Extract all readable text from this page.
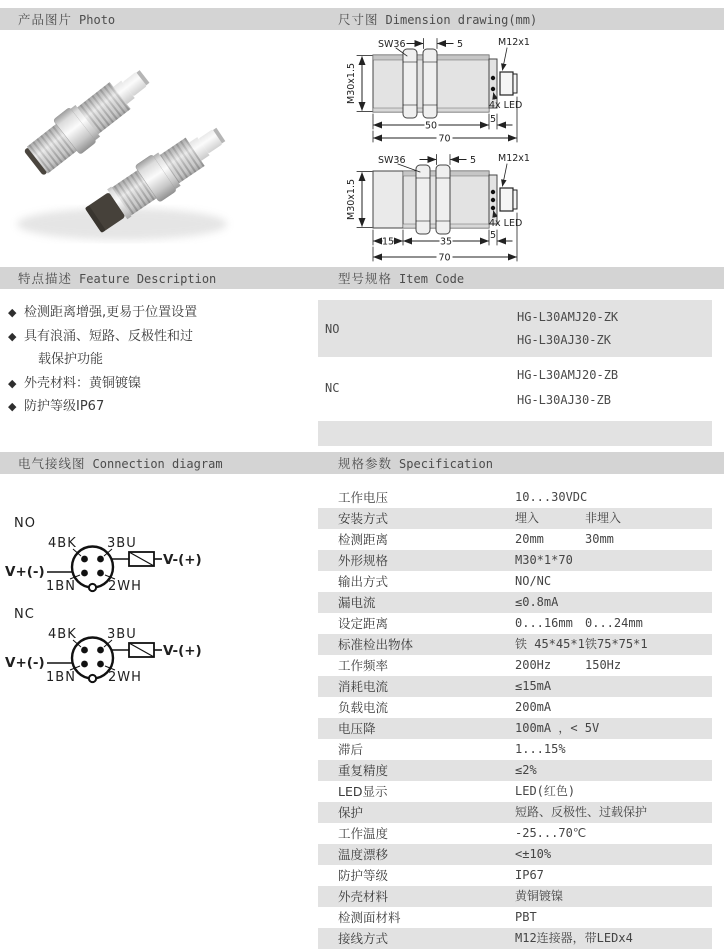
产品图片 Photo	尺寸图 Dimension drawing(mm)
SW36	5
M30x1.5
M12x1
4x LED
50
5
70
SW36	5
M30x1.5
M12x1
4x LED
15	35
5
70
特点描述 Feature Description	型号规格 Item Code
◆ 检测距离增强,更易于位置设置
◆ 具有浪涌、短路、反极性和过
载保护功能
◆ 外壳材料：黄铜镀镍
◆ 防护等级IP67
NO
HG-L30AMJ20-ZK
HG-L30AJ30-ZK
NC
HG-L30AMJ20-ZB
HG-L30AJ30-ZB
电气接线图 Connection diagram	规格参数 Specification
NO
4BK 3BU
1BN 2WH
V+(-)
V-(+)
NC
4BK 3BU
1BN 2WH
V+(-)
V-(+)
工作电压	10...30VDC
安装方式	埋入	非埋入
检测距离	20mm	30mm
外形规格	M30*1*70
输出方式	NO/NC
漏电流	≤0.8mA
设定距离	0...16mm 0...24mm
标准检出物体	铁 45*45*1 铁75*75*1
工作频率	200Hz	150Hz
消耗电流	≤15mA
负载电流	200mA
电压降	100mA ，< 5V
滞后	1...15%
重复精度	≤2%
LED显示	LED(红色)
保护	短路、反极性、过载保护
工作温度	-25...70℃
温度漂移	<±10%
防护等级	IP67
外壳材料	黄铜镀镍
检测面材料	PBT
接线方式	M12连接器，带LEDx4
